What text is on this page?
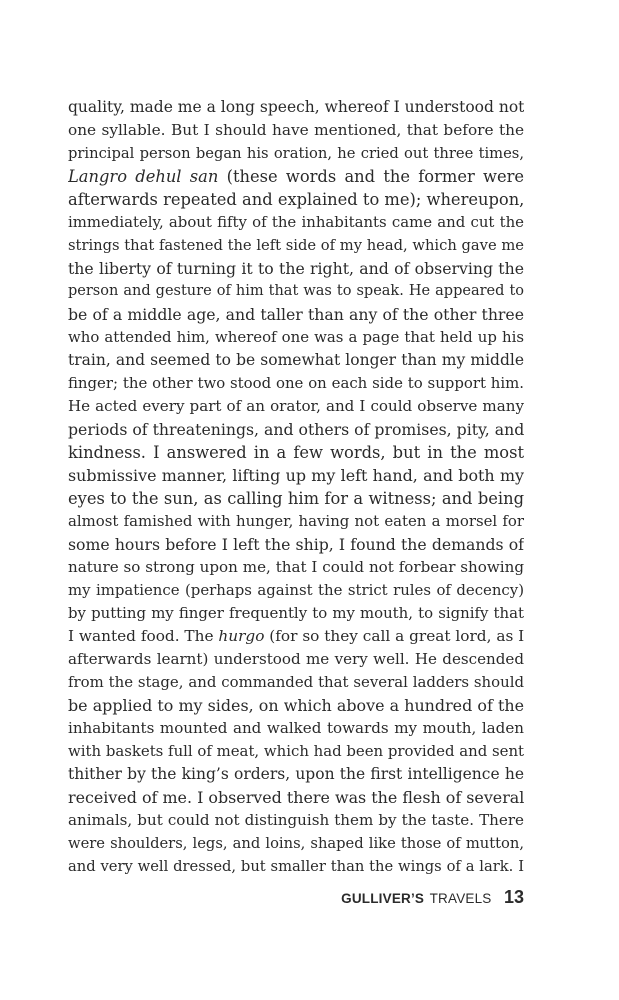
quality, made me a long speech, whereof I understood not
one syllable. But I should have mentioned, that before the
principal person began his oration, he cried out three times,
Langro dehul san (these words and the former were
afterwards repeated and explained to me); whereupon,
immediately, about fifty of the inhabitants came and cut the
strings that fastened the left side of my head, which gave me
the liberty of turning it to the right, and of observing the
person and gesture of him that was to speak. He appeared to
be of a middle age, and taller than any of the other three
who attended him, whereof one was a page that held up his
train, and seemed to be somewhat longer than my middle
finger; the other two stood one on each side to support him.
He acted every part of an orator, and I could observe many
periods of threatenings, and others of promises, pity, and
kindness. I answered in a few words, but in the most
submissive manner, lifting up my left hand, and both my
eyes to the sun, as calling him for a witness; and being
almost famished with hunger, having not eaten a morsel for
some hours before I left the ship, I found the demands of
nature so strong upon me, that I could not forbear showing
my impatience (perhaps against the strict rules of decency)
by putting my finger frequently to my mouth, to signify that
I wanted food. The hurgo (for so they call a great lord, as I
afterwards learnt) understood me very well. He descended
from the stage, and commanded that several ladders should
be applied to my sides, on which above a hundred of the
inhabitants mounted and walked towards my mouth, laden
with baskets full of meat, which had been provided and sent
thither by the king’s orders, upon the first intelligence he
received of me. I observed there was the flesh of several
animals, but could not distinguish them by the taste. There
were shoulders, legs, and loins, shaped like those of mutton,
and very well dressed, but smaller than the wings of a lark. I
GULLIVER’S TRAVELS 13
